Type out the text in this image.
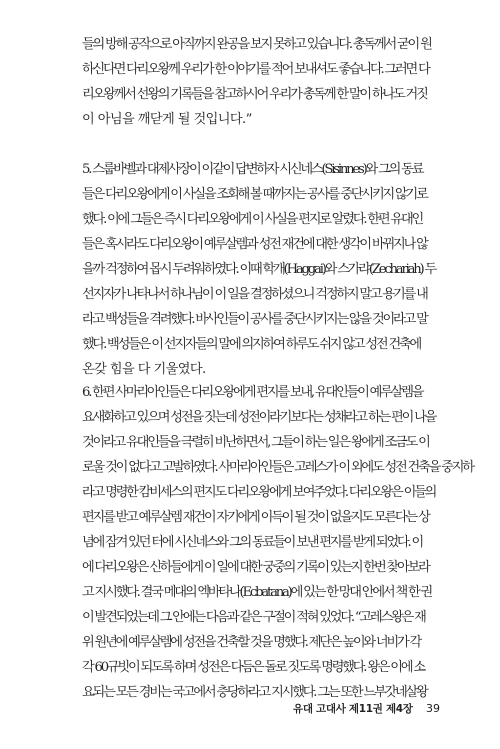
들의 방해 공작으로 아직까지 완공을 보지 못하고 있습니다. 총독께서 굳이 원
하신다면 다리오왕께 우리가 한 이야기를 적어 보내셔도 좋습니다. 그러면 다
리오왕께서 선왕의 기록들을 참고하시어 우리가 총독께 한 말이 하나도 거짓
이 아님을 깨닫게 될 것입니다.”
5. 스룹바벨과 대제사장이 이같이 답변하자 시신네스(Sisinnes)와 그의 동료
들은 다리오왕에게 이 사실을 조회해 볼 때까지는 공사를 중단시키지 않기로
했다. 이에 그들은 즉시 다리오왕에게 이 사실을 편지로 알렸다. 한편 유대인
들은 혹시라도 다리오왕이 예루살렘과 성전 재건에 대한 생각이 바뀌지나 않
을까 걱정하여 몹시 두려워하였다. 이때 학개(Haggai)와 스가랴(Zechariah) 두
선지자가 나타나서 하나님이 이 일을 결정하셨으니 걱정하지 말고 용기를 내
라고 백성들을 격려했다. 바사인들이 공사를 중단시키지는 않을 것이라고 말
했다. 백성들은 이 선지자들의 말에 의지하여 하루도 쉬지 않고 성전 건축에
온갖 힘을 다 기울였다.
6. 한편 사마리아인들은 다리오왕에게 편지를 보내, 유대인들이 예루살렘을
요새화하고 있으며 성전을 짓는데 성전이라기보다는 성채라고 하는 편이 나을
것이라고 유대인들을 극렬히 비난하면서, 그들이 하는 일은 왕에게 조금도 이
로울 것이 없다고 고발하였다. 사마리아인들은 고레스가 이 외에도 성전 건축을 중지하
라고 명령한 캄비세스의 편지도 다리오왕에게 보여주었다. 다리오왕은 이들의
편지를 받고 예루살렘 재건이 자기에게 이득이 될 것이 없을지도 모른다는 상
념에 잠겨 있던 터에 시신네스와 그의 동료들이 보낸 편지를 받게 되었다. 이
에 다리오왕은 신하들에게 이 일에 대한 궁중의 기록이 있는지 한번 찾아보라
고 지시했다. 결국 메대의 엑바타나(Ecbatana)에 있는 한 망대 안에서 책 한 권
이 발견되었는데 그 안에는 다음과 같은 구절이 적혀 있었다. “고레스왕은 재
위 원년에 예루살렘에 성전을 건축할 것을 명했다. 제단은 높이와 너비가 각
각 60규빗이 되도록 하며 성전은 다듬은 돌로 짓도록 명령했다. 왕은 이에 소
요되는 모든 경비는 국고에서 충당하라고 지시했다. 그는 또한 느부갓네살왕
유대 고대사 제11권 제4장 39
